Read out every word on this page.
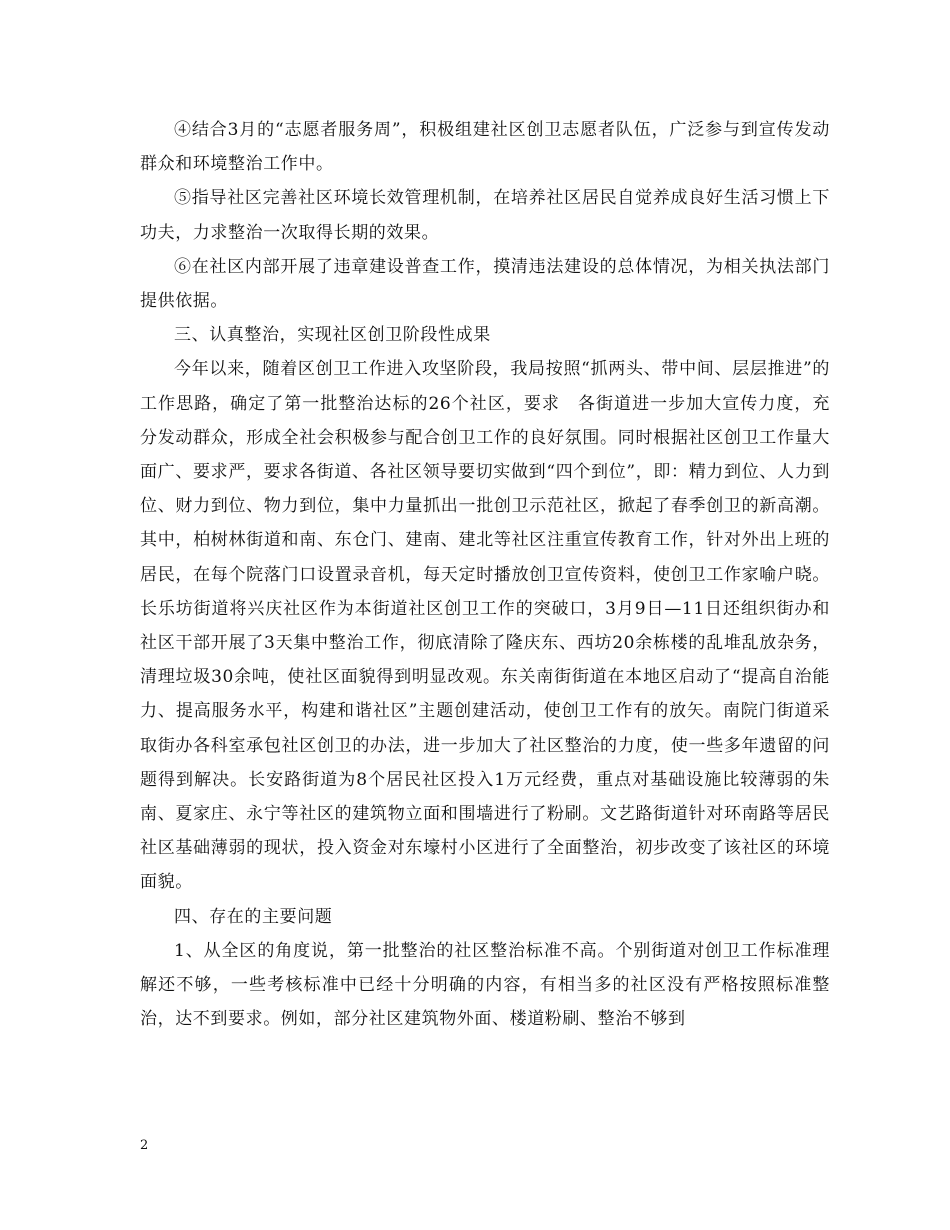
④结合3月的“志愿者服务周”，积极组建社区创卫志愿者队伍，广泛参与到宣传发动群众和环境整治工作中。

⑤指导社区完善社区环境长效管理机制，在培养社区居民自觉养成良好生活习惯上下功夫，力求整治一次取得长期的效果。

⑥在社区内部开展了违章建设普查工作，摸清违法建设的总体情况，为相关执法部门提供依据。

三、认真整治，实现社区创卫阶段性成果

今年以来，随着区创卫工作进入攻坚阶段，我局按照“抓两头、带中间、层层推进”的工作思路，确定了第一批整治达标的26个社区，要求　各街道进一步加大宣传力度，充分发动群众，形成全社会积极参与配合创卫工作的良好氛围。同时根据社区创卫工作量大面广、要求严，要求各街道、各社区领导要切实做到“四个到位”，即：精力到位、人力到位、财力到位、物力到位，集中力量抓出一批创卫示范社区，掀起了春季创卫的新高潮。其中，柏树林街道和南、东仓门、建南、建北等社区注重宣传教育工作，针对外出上班的居民，在每个院落门口设置录音机，每天定时播放创卫宣传资料，使创卫工作家喻户晓。长乐坊街道将兴庆社区作为本街道社区创卫工作的突破口，3月9日—11日还组织街办和社区干部开展了3天集中整治工作，彻底清除了隆庆东、西坊20余栋楼的乱堆乱放杂务，清理垃圾30余吨，使社区面貌得到明显改观。东关南街街道在本地区启动了“提高自治能力、提高服务水平，构建和谐社区”主题创建活动，使创卫工作有的放矢。南院门街道采取街办各科室承包社区创卫的办法，进一步加大了社区整治的力度，使一些多年遗留的问题得到解决。长安路街道为8个居民社区投入1万元经费，重点对基础设施比较薄弱的朱南、夏家庄、永宁等社区的建筑物立面和围墙进行了粉刷。文艺路街道针对环南路等居民社区基础薄弱的现状，投入资金对东壕村小区进行了全面整治，初步改变了该社区的环境面貌。

四、存在的主要问题

1、从全区的角度说，第一批整治的社区整治标准不高。个别街道对创卫工作标准理解还不够，一些考核标准中已经十分明确的内容，有相当多的社区没有严格按照标准整治，达不到要求。例如，部分社区建筑物外面、楼道粉刷、整治不够到

2
